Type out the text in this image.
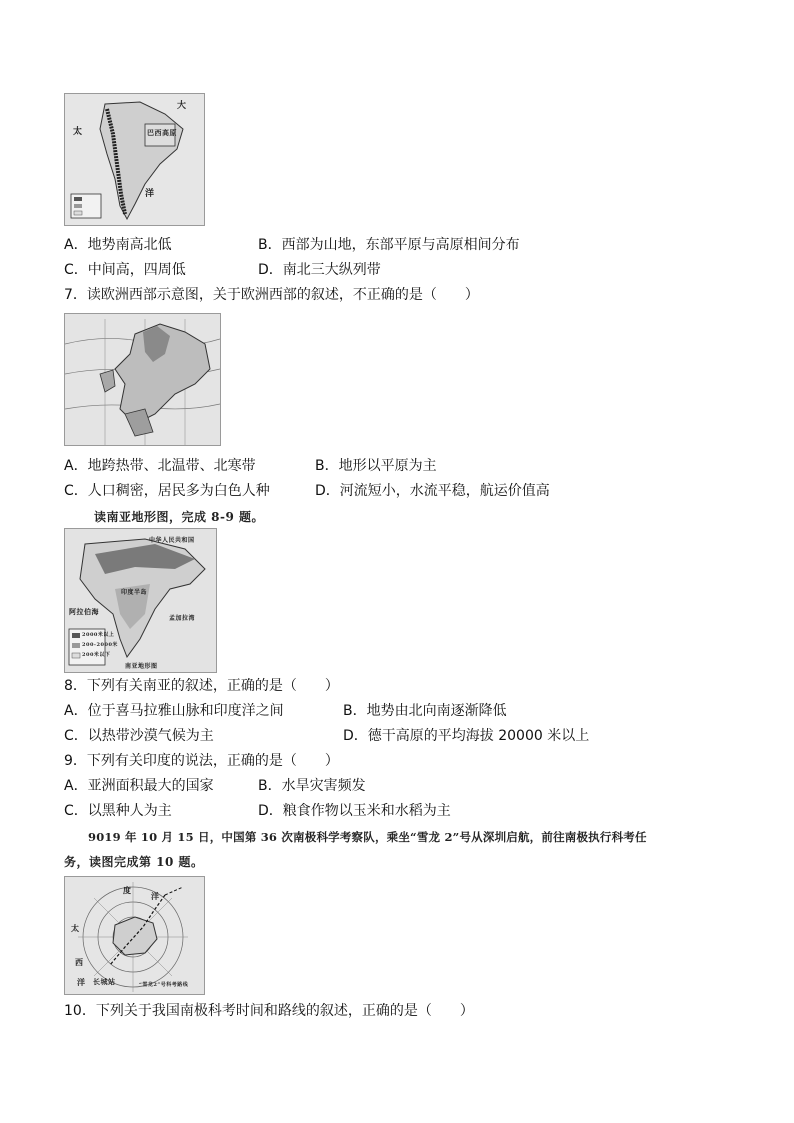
大
太	巴西高原
洋
A．地势南高北低	B．西部为山地，东部平原与高原相间分布
C．中间高，四周低	D．南北三大纵列带
7．读欧洲西部示意图，关于欧洲西部的叙述，不正确的是（　　）
A．地跨热带、北温带、北寒带	B．地形以平原为主
C．人口稠密，居民多为白色人种	D．河流短小，水流平稳，航运价值高
读南亚地形图，完成 8-9 题。
中华人民共和国
印度半岛
阿拉伯海
孟加拉湾
2000米以上
200-2000米
200米以下
南亚地形图
8．下列有关南亚的叙述，正确的是（　　）
A．位于喜马拉雅山脉和印度洋之间	B．地势由北向南逐渐降低
C．以热带沙漠气候为主	D．德干高原的平均海拔 20000 米以上
9．下列有关印度的说法，正确的是（　　）
A．亚洲面积最大的国家	B．水旱灾害频发
C．以黑种人为主	D．粮食作物以玉米和水稻为主
9019 年 10 月 15 日，中国第 36 次南极科学考察队，乘坐“雪龙 2”号从深圳启航，前往南极执行科考任
务，读图完成第 10 题。
度
洋
太
西
洋 长城站	“雪龙2”号科考路线
10．下列关于我国南极科考时间和路线的叙述，正确的是（　　）
